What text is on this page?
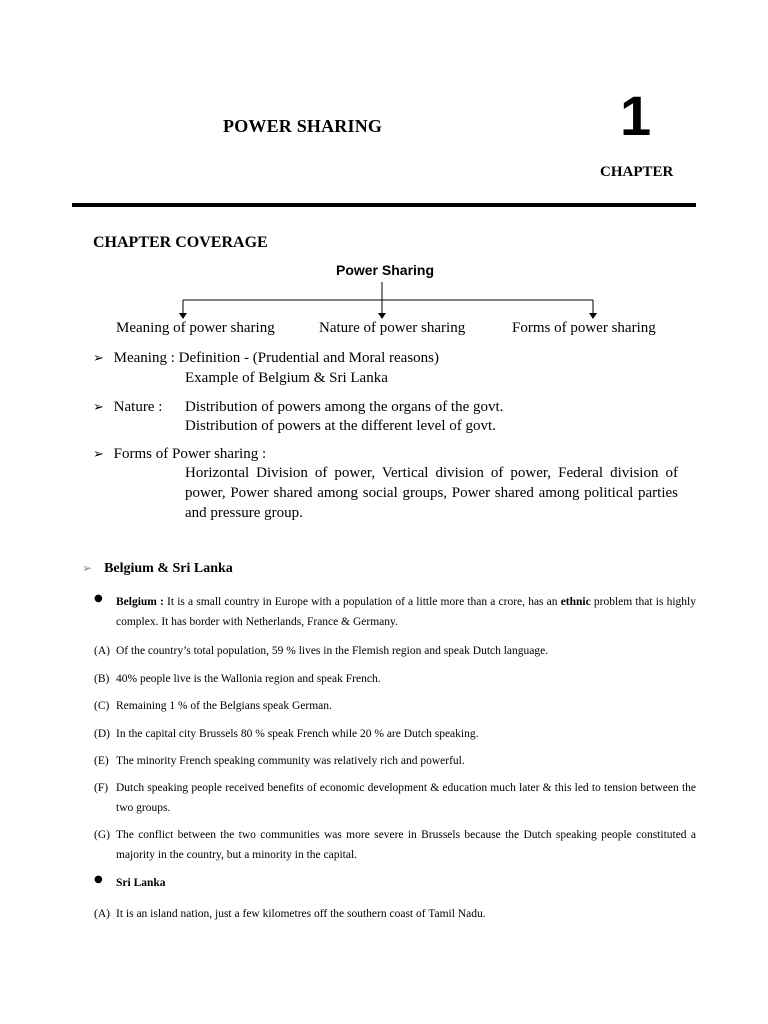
POWER SHARING	1
CHAPTER
CHAPTER COVERAGE
Power Sharing
Meaning of power sharing	Nature of power sharing	Forms of power sharing
➢ Meaning : Definition - (Prudential and Moral reasons)
Example of Belgium & Sri Lanka
➢ Nature : Distribution of powers among the organs of the govt.
Distribution of powers at the different level of govt.
➢ Forms of Power sharing :
Horizontal Division of power, Vertical division of power, Federal division of power, Power shared among social groups, Power shared among political parties and pressure group.
➢ Belgium & Sri Lanka
● Belgium : It is a small country in Europe with a population of a little more than a crore, has an ethnic problem that is highly complex. It has border with Netherlands, France & Germany.
(A) Of the country’s total population, 59 % lives in the Flemish region and speak Dutch language.
(B) 40% people live is the Wallonia region and speak French.
(C) Remaining 1 % of the Belgians speak German.
(D) In the capital city Brussels 80 % speak French while 20 % are Dutch speaking.
(E) The minority French speaking community was relatively rich and powerful.
(F) Dutch speaking people received benefits of economic development & education much later & this led to tension between the two groups.
(G) The conflict between the two communities was more severe in Brussels because the Dutch speaking people constituted a majority in the country, but a minority in the capital.
● Sri Lanka
(A) It is an island nation, just a few kilometres off the southern coast of Tamil Nadu.
